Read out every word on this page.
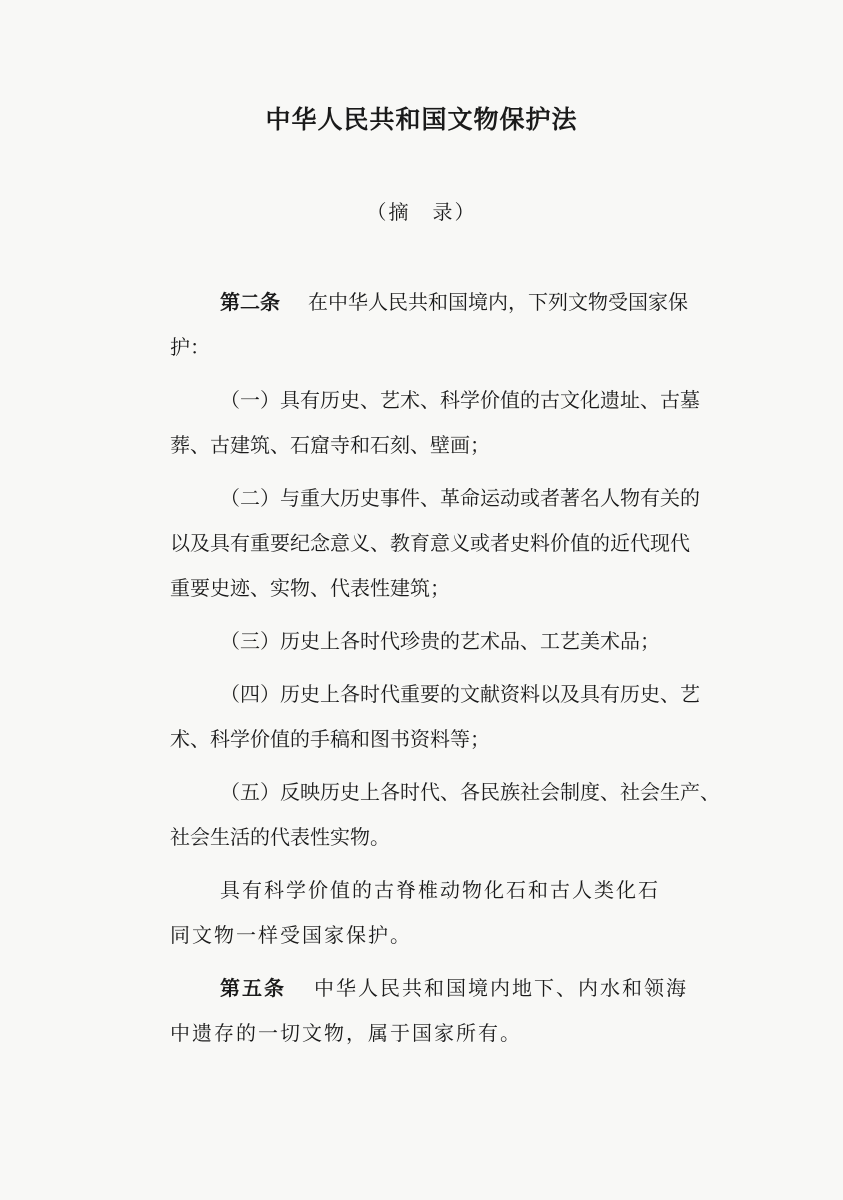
中华人民共和国文物保护法
（摘　录）
第二条 在中华人民共和国境内，下列文物受国家保
护：
（一）具有历史、艺术、科学价值的古文化遗址、古墓
葬、古建筑、石窟寺和石刻、壁画；
（二）与重大历史事件、革命运动或者著名人物有关的
以及具有重要纪念意义、教育意义或者史料价值的近代现代
重要史迹、实物、代表性建筑；
（三）历史上各时代珍贵的艺术品、工艺美术品；
（四）历史上各时代重要的文献资料以及具有历史、艺
术、科学价值的手稿和图书资料等；
（五）反映历史上各时代、各民族社会制度、社会生产、
社会生活的代表性实物。
具有科学价值的古脊椎动物化石和古人类化石
同文物一样受国家保护。
第五条 中华人民共和国境内地下、内水和领海
中遗存的一切文物，属于国家所有。
